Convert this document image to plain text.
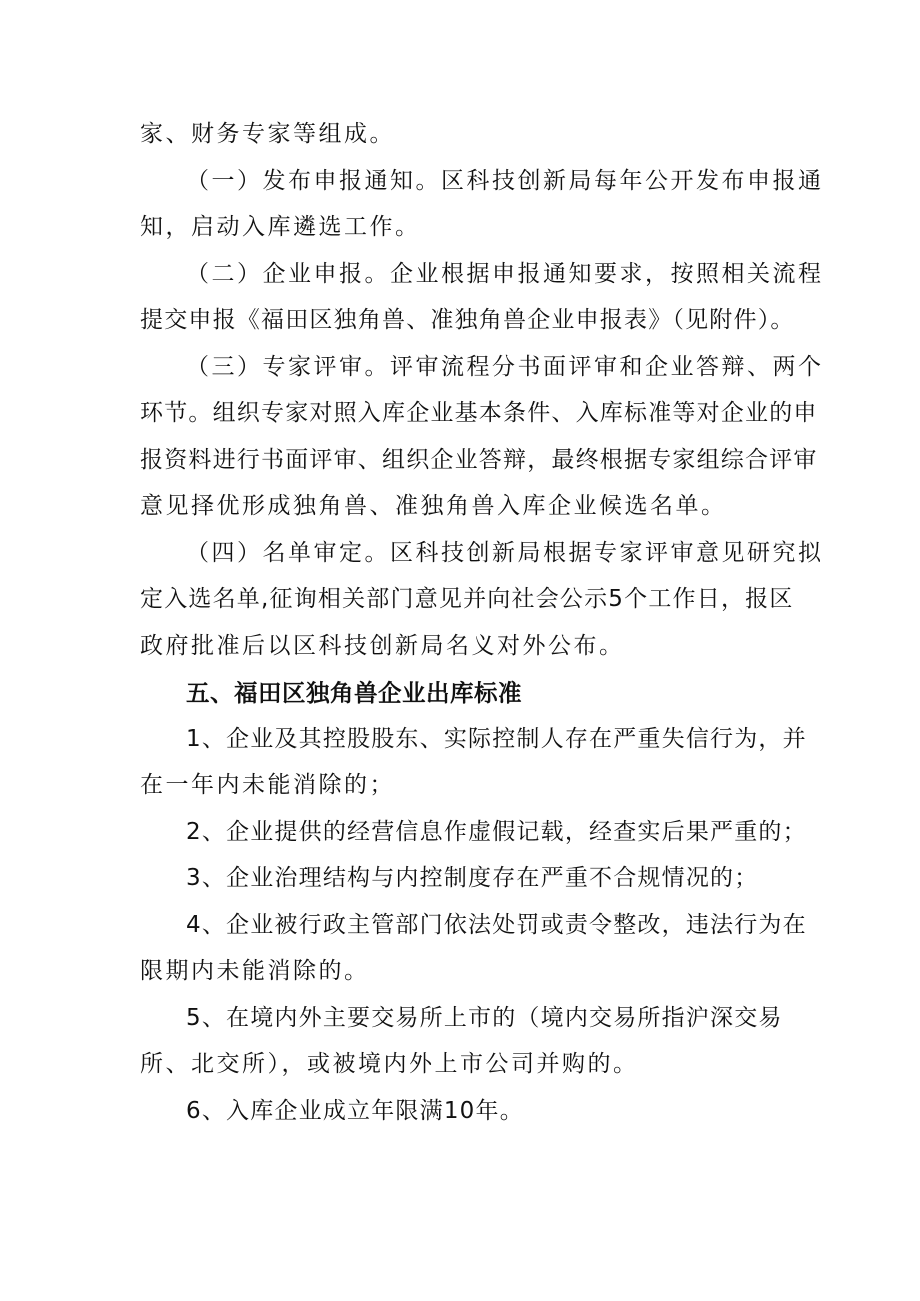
家、财务专家等组成。
（一）发布申报通知。区科技创新局每年公开发布申报通
知，启动入库遴选工作。
（二）企业申报。企业根据申报通知要求，按照相关流程
提交申报《福田区独角兽、准独角兽企业申报表》（见附件）。
（三）专家评审。评审流程分书面评审和企业答辩、两个
环节。组织专家对照入库企业基本条件、入库标准等对企业的申
报资料进行书面评审、组织企业答辩，最终根据专家组综合评审
意见择优形成独角兽、准独角兽入库企业候选名单。
（四）名单审定。区科技创新局根据专家评审意见研究拟
定入选名单,征询相关部门意见并向社会公示5个工作日，报区
政府批准后以区科技创新局名义对外公布。
五、福田区独角兽企业出库标准
1、企业及其控股股东、实际控制人存在严重失信行为，并
在一年内未能消除的；
2、企业提供的经营信息作虚假记载，经查实后果严重的；
3、企业治理结构与内控制度存在严重不合规情况的；
4、企业被行政主管部门依法处罚或责令整改，违法行为在
限期内未能消除的。
5、在境内外主要交易所上市的（境内交易所指沪深交易
所、北交所），或被境内外上市公司并购的。
6、入库企业成立年限满10年。
